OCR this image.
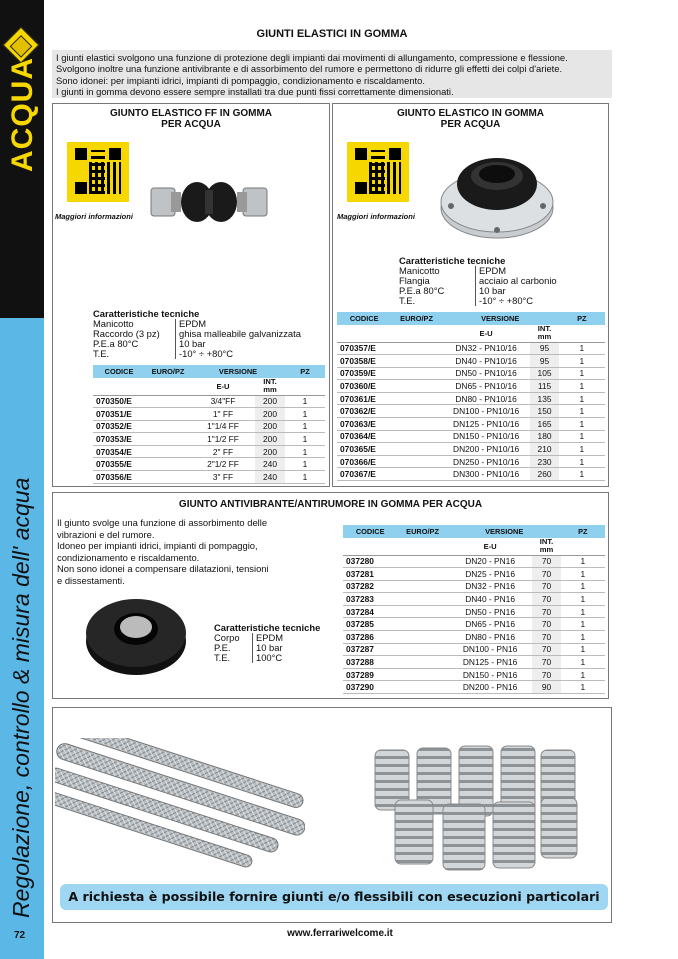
ACQUA
Regolazione, controllo & misura dell' acqua
72
GIUNTI ELASTICI IN GOMMA

I giunti elastici svolgono una funzione di protezione degli impianti dai movimenti di allungamento, compressione e flessione.

Svolgono inoltre una funzione antivibrante e di assorbimento del rumore e permettono di ridurre gli effetti dei colpi d'ariete.

Sono idonei: per impianti idrici, impianti di pompaggio, condizionamento e riscaldamento.

I giunti in gomma devono essere sempre installati tra due punti fissi correttamente dimensionati.

GIUNTO ELASTICO FF IN GOMMA
PER ACQUA
Maggiori informazioni
Caratteristiche tecniche
Manicotto	EPDM
Raccordo (3 pz)	ghisa malleabile galvanizzata
P.E.a 80°C	10 bar
T.E.	-10° ÷ +80°C
CODICE	EURO/PZ	VERSIONE		PZ
		E-U	INT.
mm	
070350/E		3/4"FF	200	1
070351/E		1" FF	200	1
070352/E		1"1/4 FF	200	1
070353/E		1"1/2 FF	200	1
070354/E		2" FF	200	1
070355/E		2"1/2 FF	240	1
070356/E		3" FF	240	1
GIUNTO ELASTICO IN GOMMA
PER ACQUA
Maggiori informazioni
Caratteristiche tecniche
Manicotto	EPDM
Flangia	acciaio al carbonio
P.E.a 80°C	10 bar
T.E.	-10° ÷ +80°C
CODICE	EURO/PZ	VERSIONE		PZ
		E-U	INT.
mm	
070357/E		DN32 - PN10/16	95	1
070358/E		DN40 - PN10/16	95	1
070359/E		DN50 - PN10/16	105	1
070360/E		DN65 - PN10/16	115	1
070361/E		DN80 - PN10/16	135	1
070362/E		DN100 - PN10/16	150	1
070363/E		DN125 - PN10/16	165	1
070364/E		DN150 - PN10/16	180	1
070365/E		DN200 - PN10/16	210	1
070366/E		DN250 - PN10/16	230	1
070367/E		DN300 - PN10/16	260	1
GIUNTO ANTIVIBRANTE/ANTIRUMORE IN GOMMA PER ACQUA

Il giunto svolge una funzione di assorbimento delle

vibrazioni e del rumore.

Idoneo per impianti idrici, impianti di pompaggio,

condizionamento e riscaldamento.

Non sono idonei a compensare dilatazioni, tensioni

e dissestamenti.

Caratteristiche tecniche
Corpo	EPDM
P.E.	10 bar
T.E.	100°C
CODICE	EURO/PZ	VERSIONE		PZ
		E-U	INT.
mm	
037280		DN20 - PN16	70	1
037281		DN25 - PN16	70	1
037282		DN32 - PN16	70	1
037283		DN40 - PN16	70	1
037284		DN50 - PN16	70	1
037285		DN65 - PN16	70	1
037286		DN80 - PN16	70	1
037287		DN100 - PN16	70	1
037288		DN125 - PN16	70	1
037289		DN150 - PN16	70	1
037290		DN200 - PN16	90	1
A richiesta è possibile fornire giunti e/o flessibili con esecuzioni particolari
www.ferrariwelcome.it
